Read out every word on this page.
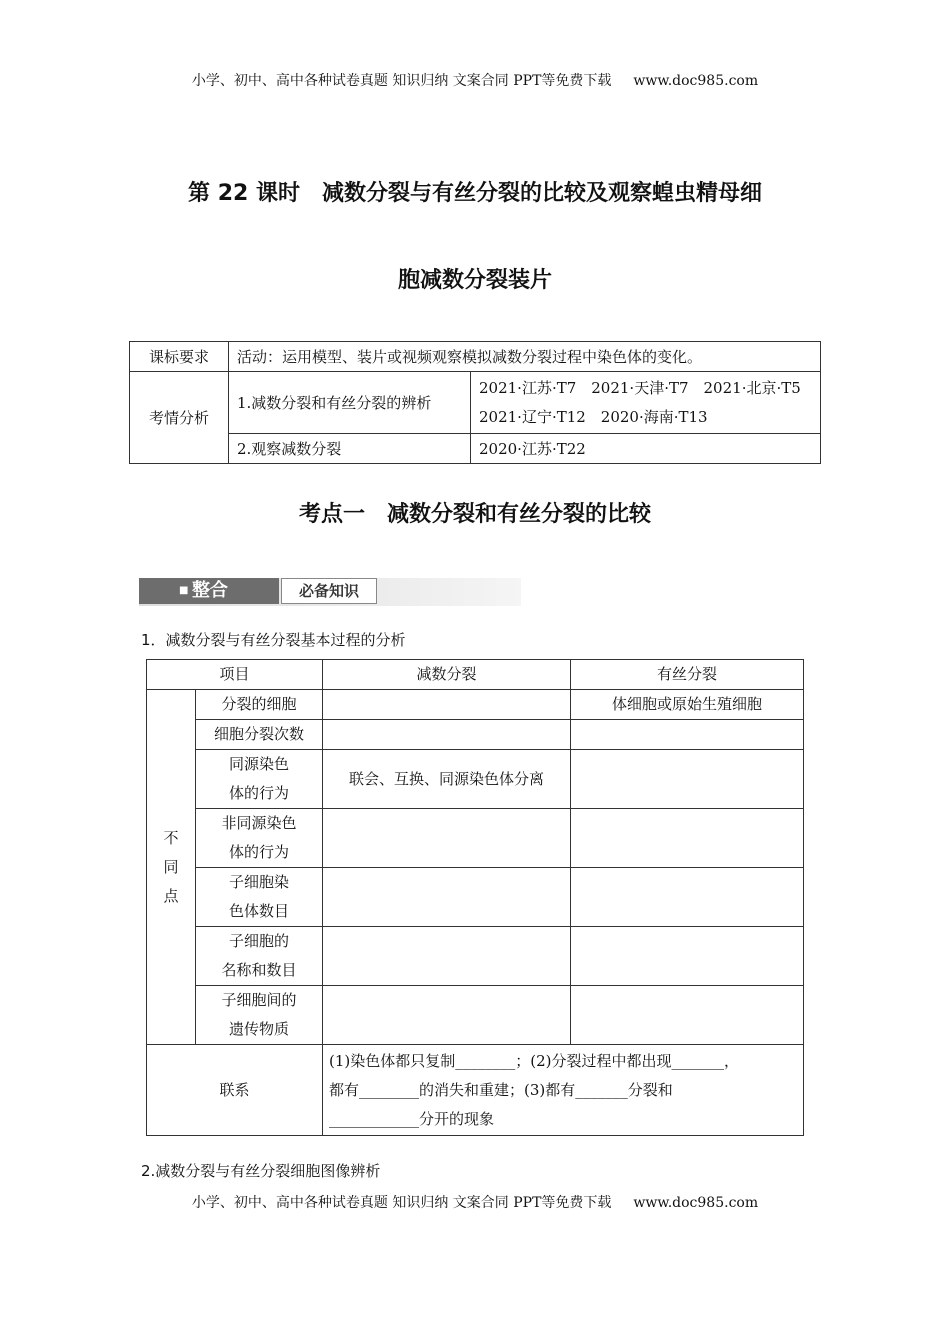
小学、初中、高中各种试卷真题 知识归纳 文案合同 PPT等免费下载 www.doc985.com
第 22 课时　减数分裂与有丝分裂的比较及观察蝗虫精母细
胞减数分裂装片
课标要求	活动：运用模型、装片或视频观察模拟减数分裂过程中染色体的变化。	
考情分析	1.减数分裂和有丝分裂的辨析	2021·江苏·T7　2021·天津·T7　2021·北京·T5
2021·辽宁·T12　2020·海南·T13

	2.观察减数分裂	2020·江苏·T22
考点一　减数分裂和有丝分裂的比较
■ 整合	必备知识
1．减数分裂与有丝分裂基本过程的分析
项目		减数分裂	有丝分裂

不
同
点	分裂的细胞		体细胞或原始生殖细胞

	细胞分裂次数		

	同源染色
体的行为	联会、互换、同源染色体分离	

	非同源染色
体的行为		

	子细胞染
色体数目		

	子细胞的
名称和数目		

	子细胞间的
遗传物质		

联系		(1)染色体都只复制________；(2)分裂过程中都出现_______，
都有________的消失和重建；(3)都有_______分裂和
____________分开的现象	
2.减数分裂与有丝分裂细胞图像辨析
小学、初中、高中各种试卷真题 知识归纳 文案合同 PPT等免费下载 www.doc985.com
